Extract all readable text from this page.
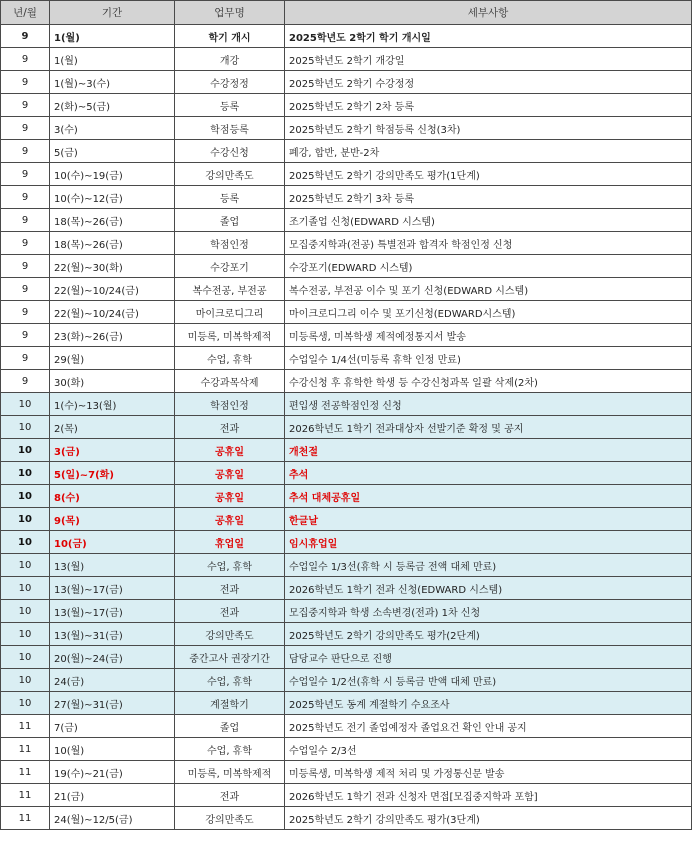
년/월	기간	업무명	세부사항
9	1(월)	학기 개시	2025학년도 2학기 학기 개시일
9	1(월)	개강	2025학년도 2학기 개강일
9	1(월)~3(수)	수강정정	2025학년도 2학기 수강정정
9	2(화)~5(금)	등록	2025학년도 2학기 2차 등록
9	3(수)	학점등록	2025학년도 2학기 학점등록 신청(3차)
9	5(금)	수강신청	폐강, 합반, 분반-2차
9	10(수)~19(금)	강의만족도	2025학년도 2학기 강의만족도 평가(1단계)
9	10(수)~12(금)	등록	2025학년도 2학기 3차 등록
9	18(목)~26(금)	졸업	조기졸업 신청(EDWARD 시스템)
9	18(목)~26(금)	학점인정	모집중지학과(전공) 특별전과 합격자 학점인정 신청
9	22(월)~30(화)	수강포기	수강포기(EDWARD 시스템)
9	22(월)~10/24(금)	복수전공, 부전공	복수전공, 부전공 이수 및 포기 신청(EDWARD 시스템)
9	22(월)~10/24(금)	마이크로디그리	마이크로디그리 이수 및 포기신청(EDWARD시스템)
9	23(화)~26(금)	미등록, 미복학제적	미등록생, 미복학생 제적예정통지서 발송
9	29(월)	수업, 휴학	수업일수 1/4선(미등록 휴학 인정 만료)
9	30(화)	수강과목삭제	수강신청 후 휴학한 학생 등 수강신청과목 일괄 삭제(2차)
10	1(수)~13(월)	학점인정	편입생 전공학점인정 신청
10	2(목)	전과	2026학년도 1학기 전과대상자 선발기준 확정 및 공지
10	3(금)	공휴일	개천절
10	5(일)~7(화)	공휴일	추석
10	8(수)	공휴일	추석 대체공휴일
10	9(목)	공휴일	한글날
10	10(금)	휴업일	임시휴업일
10	13(월)	수업, 휴학	수업일수 1/3선(휴학 시 등록금 전액 대체 만료)
10	13(월)~17(금)	전과	2026학년도 1학기 전과 신청(EDWARD 시스템)
10	13(월)~17(금)	전과	모집중지학과 학생 소속변경(전과) 1차 신청
10	13(월)~31(금)	강의만족도	2025학년도 2학기 강의만족도 평가(2단계)
10	20(월)~24(금)	중간고사 권장기간	담당교수 판단으로 진행
10	24(금)	수업, 휴학	수업일수 1/2선(휴학 시 등록금 반액 대체 만료)
10	27(월)~31(금)	계절학기	2025학년도 동계 계절학기 수요조사
11	7(금)	졸업	2025학년도 전기 졸업예정자 졸업요건 확인 안내 공지
11	10(월)	수업, 휴학	수업일수 2/3선
11	19(수)~21(금)	미등록, 미복학제적	미등록생, 미복학생 제적 처리 및 가정통신문 발송
11	21(금)	전과	2026학년도 1학기 전과 신청자 면접[모집중지학과 포함]
11	24(월)~12/5(금)	강의만족도	2025학년도 2학기 강의만족도 평가(3단계)
